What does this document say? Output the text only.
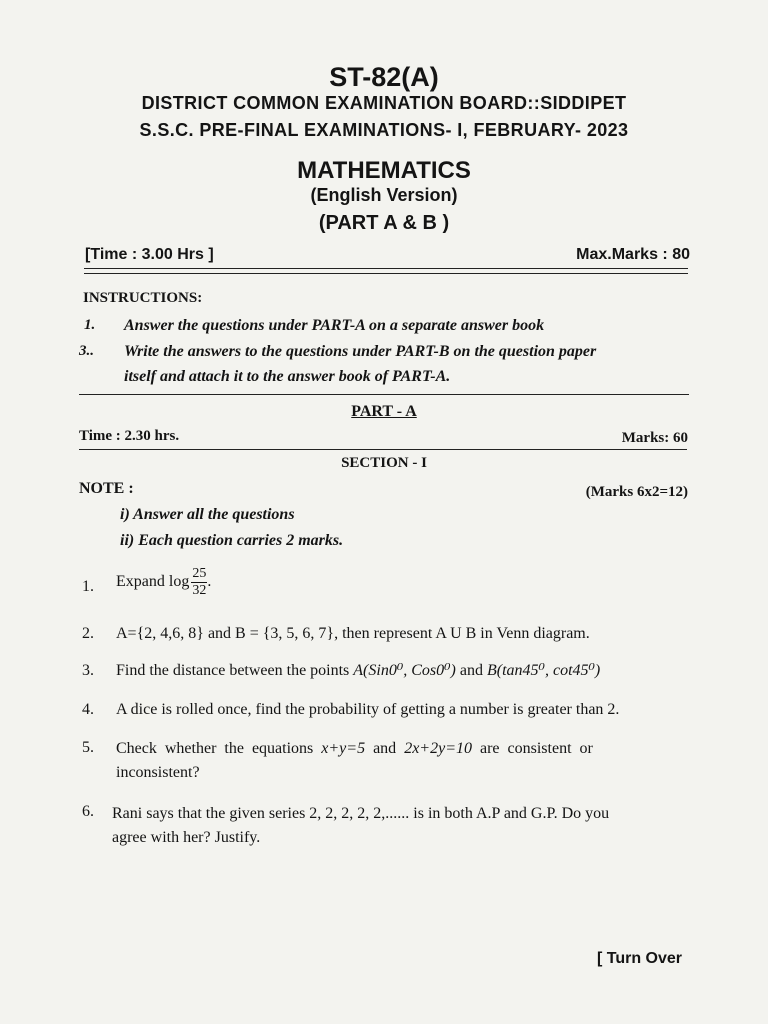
ST-82(A)
DISTRICT COMMON EXAMINATION BOARD::SIDDIPET
S.S.C. PRE-FINAL EXAMINATIONS- I, FEBRUARY- 2023
MATHEMATICS
(English Version)
(PART A & B )
[Time : 3.00 Hrs ]	Max.Marks : 80
INSTRUCTIONS:
1. Answer the questions under PART-A on a separate answer book
3.. Write the answers to the questions under PART-B on the question paper
itself and attach it to the answer book of PART-A.
PART - A
Time : 2.30 hrs.	Marks: 60
SECTION - I
NOTE :	(Marks 6x2=12)
i) Answer all the questions
ii) Each question carries 2 marks.
1. Expand $\log \frac{25}{32}$ .
2. A={2, 4,6, 8} and B = {3, 5, 6, 7}, then represent A U B in Venn diagram.
3. Find the distance between the points A(Sin0⁰, Cos0⁰) and B(tan45⁰, cot45⁰)
4. A dice is rolled once, find the probability of getting a number is greater than 2.
5. Check  whether  the  equations  x+y=5  and  2x+2y=10  are  consistent  or
inconsistent?
6. Rani says that the given series 2, 2, 2, 2, 2,...... is in both A.P and G.P. Do you
agree with her? Justify.
[ Turn Over
